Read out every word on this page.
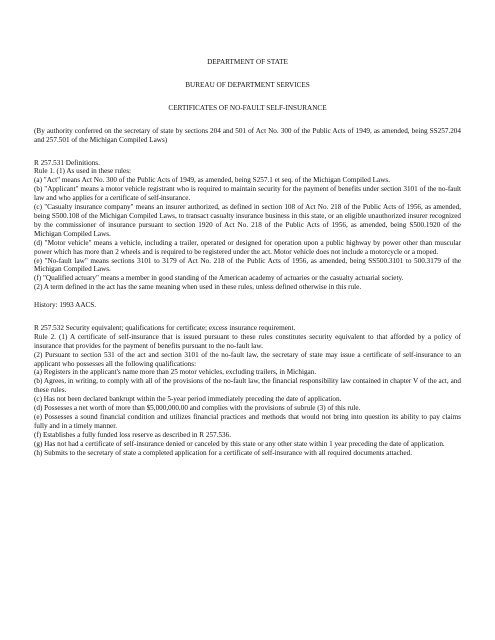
DEPARTMENT OF STATE

BUREAU OF DEPARTMENT SERVICES

CERTIFICATES OF NO-FAULT SELF-INSURANCE

(By authority conferred on the secretary of state by sections 204 and 501 of Act No. 300 of the Public Acts of 1949, as amended, being SS257.204 and 257.501 of the Michigan Compiled Laws)

R 257.531 Definitions.

Rule 1. (1) As used in these rules:

(a) "Act" means Act No. 300 of the Public Acts of 1949, as amended, being S257.1 et seq. of the Michigan Compiled Laws.

(b) "Applicant" means a motor vehicle registrant who is required to maintain security for the payment of benefits under section 3101 of the no-fault law and who applies for a certificate of self-insurance.

(c) "Casualty insurance company" means an insurer authorized, as defined in section 108 of Act No. 218 of the Public Acts of 1956, as amended, being S500.108 of the Michigan Compiled Laws, to transact casualty insurance business in this state, or an eligible unauthorized insurer recognized by the commissioner of insurance pursuant to section 1920 of Act No. 218 of the Public Acts of 1956, as amended, being S500.1920 of the Michigan Compiled Laws.

(d) "Motor vehicle" means a vehicle, including a trailer, operated or designed for operation upon a public highway by power other than muscular power which has more than 2 wheels and is required to be registered under the act. Motor vehicle does not include a motorcycle or a moped.

(e) "No-fault law" means sections 3101 to 3179 of Act No. 218 of the Public Acts of 1956, as amended, being SS500.3101 to 500.3179 of the Michigan Compiled Laws.

(f) "Qualified actuary" means a member in good standing of the American academy of actuaries or the casualty actuarial society.

(2) A term defined in the act has the same meaning when used in these rules, unless defined otherwise in this rule.

History: 1993 AACS.

R 257.532 Security equivalent; qualifications for certificate; excess insurance requirement.

Rule 2. (1) A certificate of self-insurance that is issued pursuant to these rules constitutes security equivalent to that afforded by a policy of insurance that provides for the payment of benefits pursuant to the no-fault law.

(2) Pursuant to section 531 of the act and section 3101 of the no-fault law, the secretary of state may issue a certificate of self-insurance to an applicant who possesses all the following qualifications:

(a) Registers in the applicant's name more than 25 motor vehicles, excluding trailers, in Michigan.

(b) Agrees, in writing, to comply with all of the provisions of the no-fault law, the financial responsibility law contained in chapter V of the act, and these rules.

(c) Has not been declared bankrupt within the 5-year period immediately preceding the date of application.

(d) Possesses a net worth of more than $5,000,000.00 and complies with the provisions of subrule (3) of this rule.

(e) Possesses a sound financial condition and utilizes financial practices and methods that would not bring into question its ability to pay claims fully and in a timely manner.

(f) Establishes a fully funded loss reserve as described in R 257.536.

(g) Has not had a certificate of self-insurance denied or canceled by this state or any other state within 1 year preceding the date of application.

(h) Submits to the secretary of state a completed application for a certificate of self-insurance with all required documents attached.
